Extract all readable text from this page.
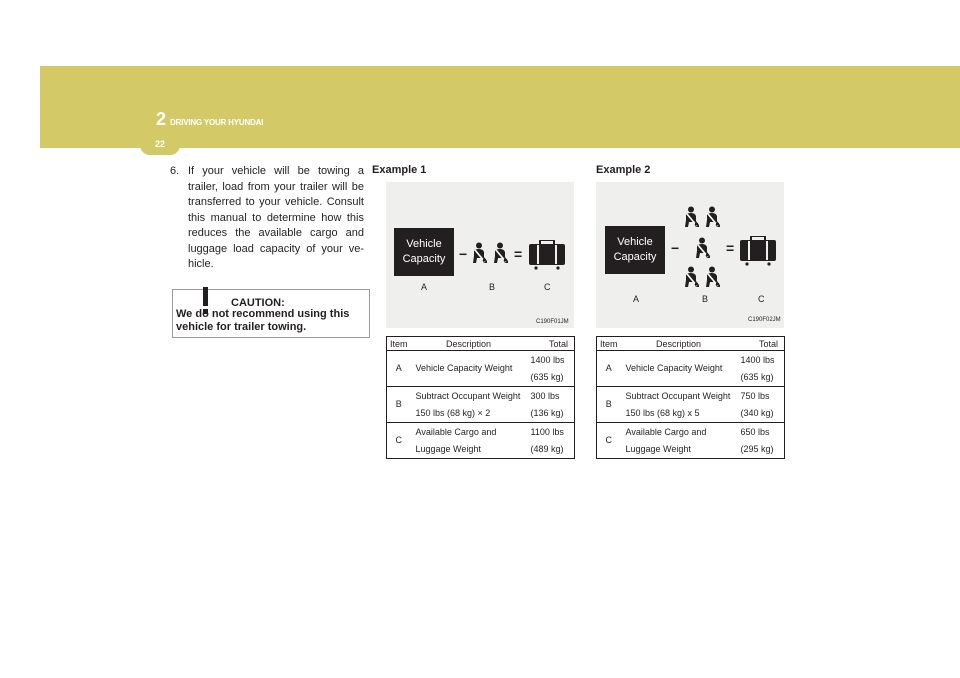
2 DRIVING YOUR HYUNDAI
22
6. If your vehicle will be towing a trailer, load from your trailer will be transferred to your vehicle. Consult this manual to determine how this reduces the available cargo and luggage load capacity of your ve-hicle.
CAUTION:
We do not recommend using this vehicle for trailer towing.
Example 1
Vehicle
Capacity −	=
A	B	C
C190F01JM
Item	Description	Total
A	Vehicle Capacity Weight	1400 lbs
(635 kg)

B	Subtract Occupant Weight
150 lbs (68 kg) × 2	300 lbs
(136 kg)

C	Available Cargo and
Luggage Weight	1100 lbs
(489 kg)
Example 2
Vehicle
Capacity
−	=
A	B	C
C190F02JM
Item	Description	Total
A	Vehicle Capacity Weight	1400 lbs
(635 kg)

B	Subtract Occupant Weight
150 lbs (68 kg) x 5	750 lbs
(340 kg)

C	Available Cargo and
Luggage Weight	650 lbs
(295 kg)
